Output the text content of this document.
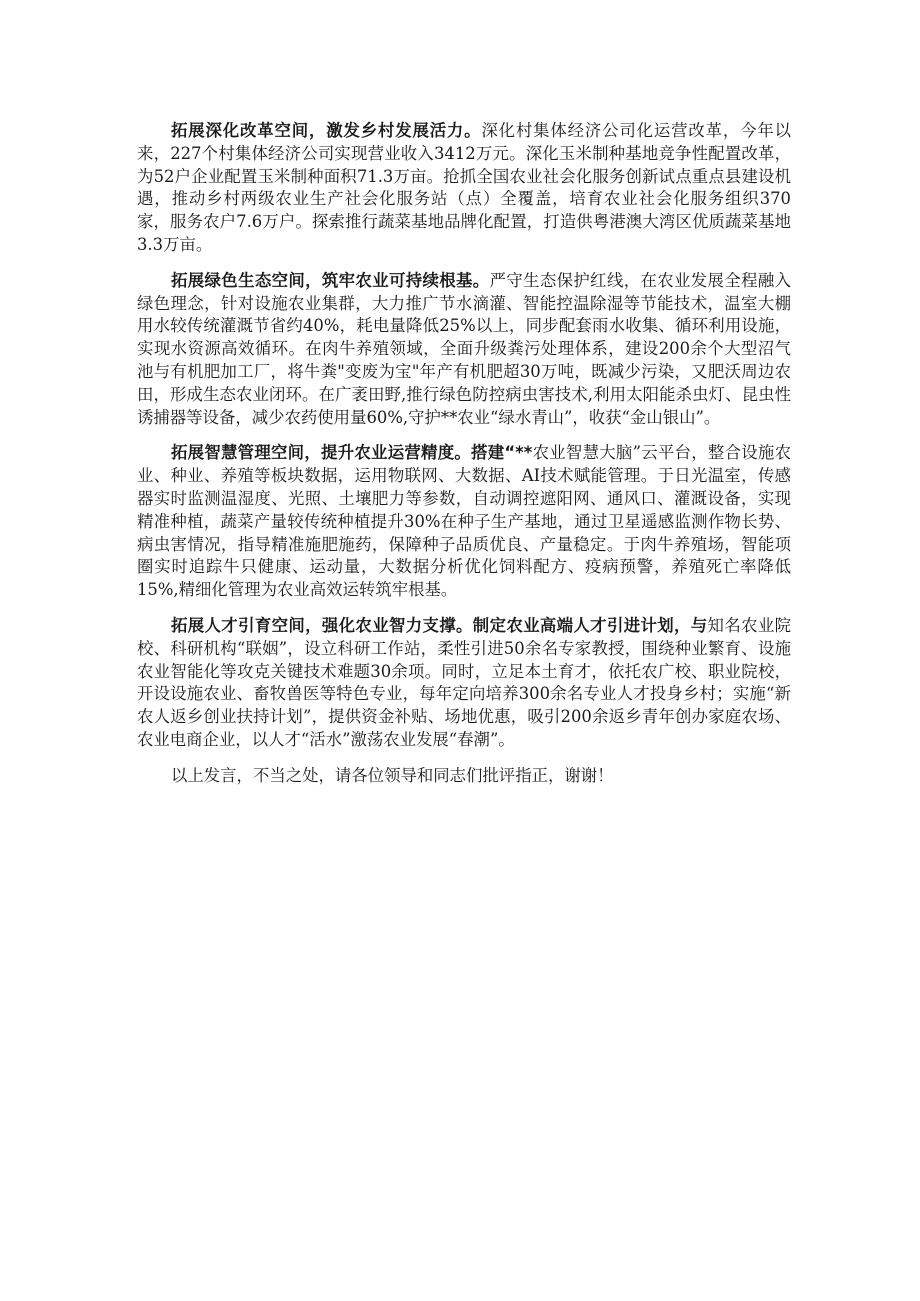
拓展深化改革空间，激发乡村发展活力。深化村集体经济公司化运营改革，今年以来，227个村集体经济公司实现营业收入3412万元。深化玉米制种基地竞争性配置改革，为52户企业配置玉米制种面积71.3万亩。抢抓全国农业社会化服务创新试点重点县建设机遇，推动乡村两级农业生产社会化服务站（点）全覆盖，培育农业社会化服务组织370家，服务农户7.6万户。探索推行蔬菜基地品牌化配置，打造供粤港澳大湾区优质蔬菜基地3.3万亩。

拓展绿色生态空间，筑牢农业可持续根基。严守生态保护红线，在农业发展全程融入绿色理念，针对设施农业集群，大力推广节水滴灌、智能控温除湿等节能技术，温室大棚用水较传统灌溉节省约40%，耗电量降低25%以上，同步配套雨水收集、循环利用设施，实现水资源高效循环。在肉牛养殖领域，全面升级粪污处理体系，建设200余个大型沼气池与有机肥加工厂，将牛粪"变废为宝"年产有机肥超30万吨，既减少污染，又肥沃周边农田，形成生态农业闭环。在广袤田野,推行绿色防控病虫害技术,利用太阳能杀虫灯、昆虫性诱捕器等设备，减少农药使用量60%,守护**农业“绿水青山”，收获“金山银山”。

拓展智慧管理空间，提升农业运营精度。搭建“**农业智慧大脑”云平台，整合设施农业、种业、养殖等板块数据，运用物联网、大数据、AI技术赋能管理。于日光温室，传感器实时监测温湿度、光照、土壤肥力等参数，自动调控遮阳网、通风口、灌溉设备，实现精准种植，蔬菜产量较传统种植提升30%在种子生产基地，通过卫星遥感监测作物长势、病虫害情况，指导精准施肥施药，保障种子品质优良、产量稳定。于肉牛养殖场，智能项圈实时追踪牛只健康、运动量，大数据分析优化饲料配方、疫病预警，养殖死亡率降低15%,精细化管理为农业高效运转筑牢根基。

拓展人才引育空间，强化农业智力支撑。制定农业高端人才引进计划，与知名农业院校、科研机构“联姻”，设立科研工作站，柔性引进50余名专家教授，围绕种业繁育、设施农业智能化等攻克关键技术难题30余项。同时，立足本土育才，依托农广校、职业院校，开设设施农业、畜牧兽医等特色专业，每年定向培养300余名专业人才投身乡村；实施“新农人返乡创业扶持计划”，提供资金补贴、场地优惠，吸引200余返乡青年创办家庭农场、农业电商企业，以人才“活水”激荡农业发展“春潮”。

以上发言，不当之处，请各位领导和同志们批评指正，谢谢！
